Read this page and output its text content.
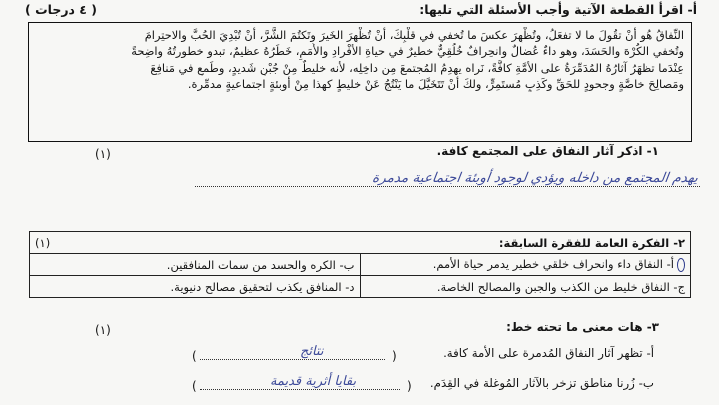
أ- اقرأ القطعة الآتية وأجب الأسئلة التي تليها:
( ٤ درجات )
النِّفاقُ هُو أنْ تقُولَ ما لا تفعَلُ، وتُظْهِرَ عكسَ ما تُخفي في قلْبِكَ، أنْ تُظْهِرَ الخَيرَ وتَكتُمَ الشَّرَّ، أنْ تُبْدِيَ الحُبَّ والاحتِرامَ
وتُخفي الكُرْهَ والحَسَدَ، وهو داءٌ عُضالٌ وانحِرافٌ خُلُقِيٌّ خطيرٌ في حياةِ الأفْرادِ والأُمَمِ، خَطَرُهُ عظيمٌ، تبدو خطورتُهُ واضِحةً
عِنْدَما تظهَرُ آثارُهُ المُدَمِّرَةُ على الأمَّةِ كافَّةً، نَراه يهدِمُ المُجتمعَ مِن داخِلِه، لأنه خليطٌ مِنْ جُبْنٍ شَديدٍ، وطَمعٍ في مَنافِعَ
ومَصالِحَ خاصَّةٍ وجحودٍ للحَقِّ وكَذِبٍ مُستَمِرٍّ، ولكَ أنْ تَتَخَيَّلَ ما يَنْتُجُ عَنْ خليطٍ كهذا مِنْ أوبئةٍ اجتماعيةٍ مدمِّرة.
١- اذكر آثار النفاق على المجتمع كافة.
(١)
يهدم المجتمع من داخله ويؤدي لوجود أوبئة اجتماعية مدمرة
٢- الفكرة العامة للفقرة السابقة:
(١)	

أ- النفاق داء وانحراف خلقي خطير يدمر حياة الأمم.	ب- الكره والحسد من سمات المنافقين.
ج- النفاق خليط من الكذب والجبن والمصالح الخاصة.	د- المنافق يكذب لتحقيق مصالح دنيوية.
٣- هات معنى ما تحته خط:
(١)
أ- تظهر آثار النفاق المُدمرة على الأمة كافة.
(
)	نتائج
ب- زُرنا مناطق تزخر بالآثار المُوغلة في القِدَم.
(
)	بقايا أثرية قديمة
